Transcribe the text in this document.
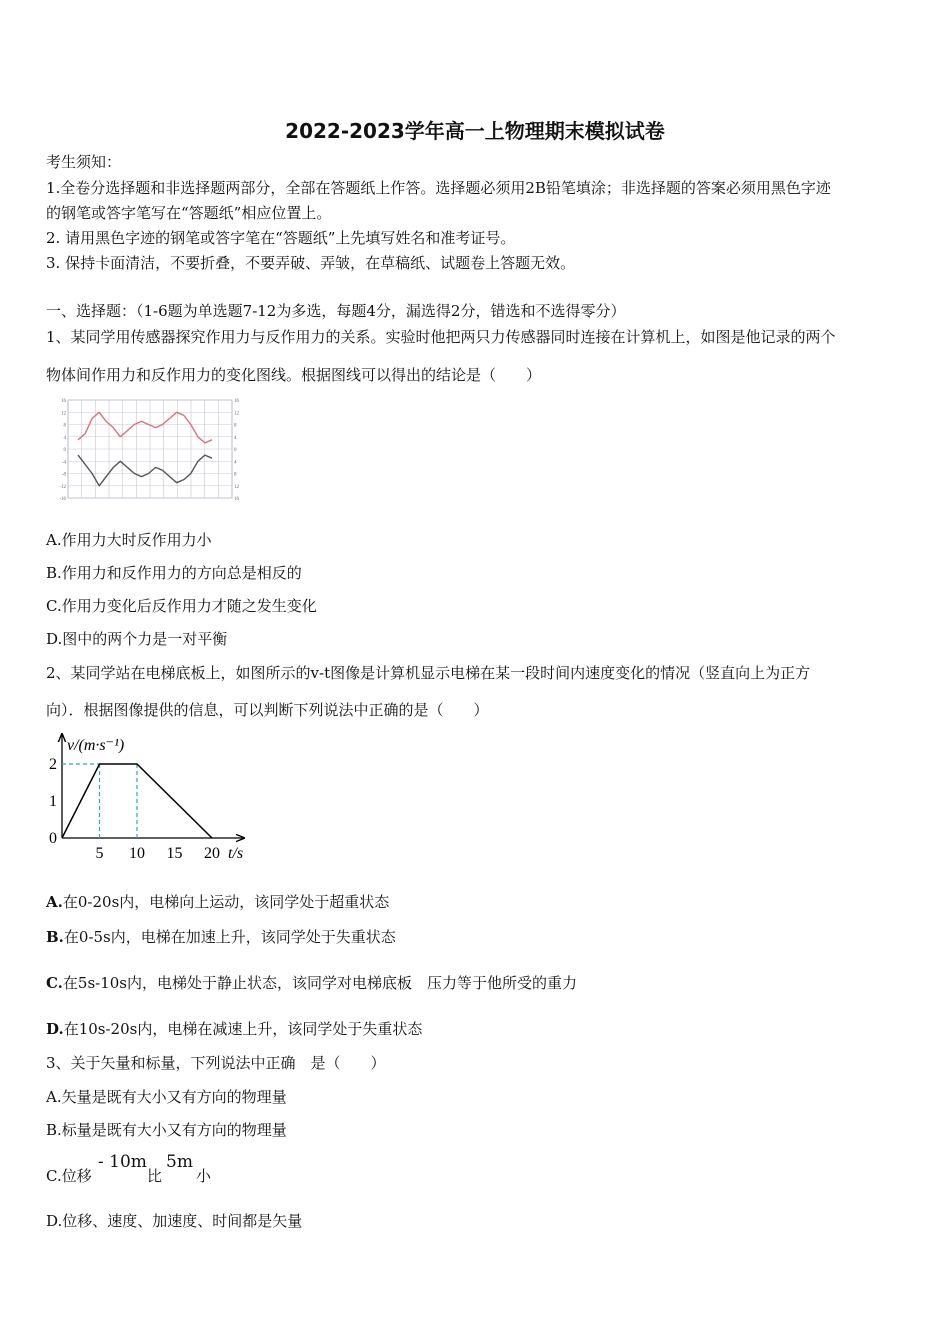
2022-2023学年高一上物理期末模拟试卷
考生须知：
1.全卷分选择题和非选择题两部分，全部在答题纸上作答。选择题必须用2B铅笔填涂；非选择题的答案必须用黑色字迹
的钢笔或答字笔写在“答题纸”相应位置上。
2. 请用黑色字迹的钢笔或答字笔在“答题纸”上先填写姓名和准考证号。
3. 保持卡面清洁，不要折叠，不要弄破、弄皱，在草稿纸、试题卷上答题无效。
一、选择题：（1-6题为单选题7-12为多选，每题4分，漏选得2分，错选和不选得零分）
1、某同学用传感器探究作用力与反作用力的关系。实验时他把两只力传感器同时连接在计算机上，如图是他记录的两个
物体间作用力和反作用力的变化图线。根据图线可以得出的结论是（　　）
16	16
12	12
8	8
4	4
0	0
-4	4
-8	8
-12	12
-16	16
A.作用力大时反作用力小
B.作用力和反作用力的方向总是相反的
C.作用力变化后反作用力才随之发生变化
D.图中的两个力是一对平衡
2、某同学站在电梯底板上，如图所示的v-t图像是计算机显示电梯在某一段时间内速度变化的情况（竖直向上为正方
向）．根据图像提供的信息，可以判断下列说法中正确的是（　　）
v/(m·s⁻¹)
t/s
5 10 15 20
0
1
2
A.在0-20s内，电梯向上运动，该同学处于超重状态
B.在0-5s内，电梯在加速上升，该同学处于失重状态
C.在5s-10s内，电梯处于静止状态，该同学对电梯底板　压力等于他所受的重力
D.在10s-20s内，电梯在减速上升，该同学处于失重状态
3、关于矢量和标量，下列说法中正确　是（　　）
A.矢量是既有大小又有方向的物理量
B.标量是既有大小又有方向的物理量
C.位移
- 10m
比
5m
小
D.位移、速度、加速度、时间都是矢量
